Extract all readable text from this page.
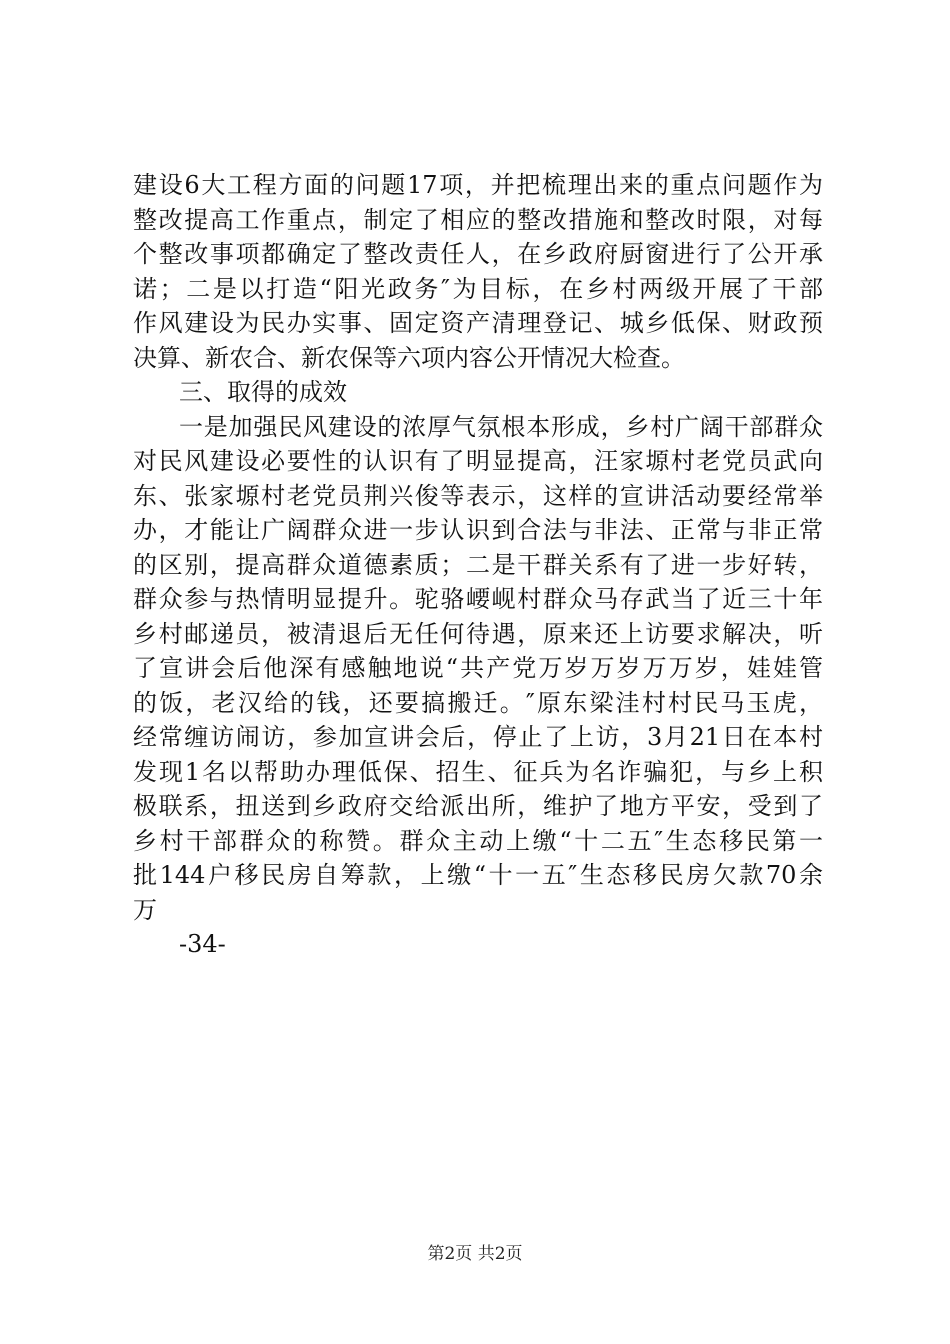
建设6大工程方面的问题17项，并把梳理出来的重点问题作为
整改提高工作重点，制定了相应的整改措施和整改时限，对每
个整改事项都确定了整改责任人，在乡政府厨窗进行了公开承
诺；二是以打造“阳光政务″为目标，在乡村两级开展了干部
作风建设为民办实事、固定资产清理登记、城乡低保、财政预
决算、新农合、新农保等六项内容公开情况大检查。
三、取得的成效
一是加强民风建设的浓厚气氛根本形成，乡村广阔干部群众
对民风建设必要性的认识有了明显提高，汪家塬村老党员武向
东、张家塬村老党员荆兴俊等表示，这样的宣讲活动要经常举
办，才能让广阔群众进一步认识到合法与非法、正常与非正常
的区别，提高群众道德素质；二是干群关系有了进一步好转，
群众参与热情明显提升。驼骆崾岘村群众马存武当了近三十年
乡村邮递员，被清退后无任何待遇，原来还上访要求解决，听
了宣讲会后他深有感触地说“共产党万岁万岁万万岁，娃娃管
的饭，老汉给的钱，还要搞搬迁。″原东梁洼村村民马玉虎，
经常缠访闹访，参加宣讲会后，停止了上访，3月21日在本村
发现1名以帮助办理低保、招生、征兵为名诈骗犯，与乡上积
极联系，扭送到乡政府交给派出所，维护了地方平安，受到了
乡村干部群众的称赞。群众主动上缴“十二五″生态移民第一
批144户移民房自筹款，上缴“十一五″生态移民房欠款70余
万
-34-
第2页 共2页
